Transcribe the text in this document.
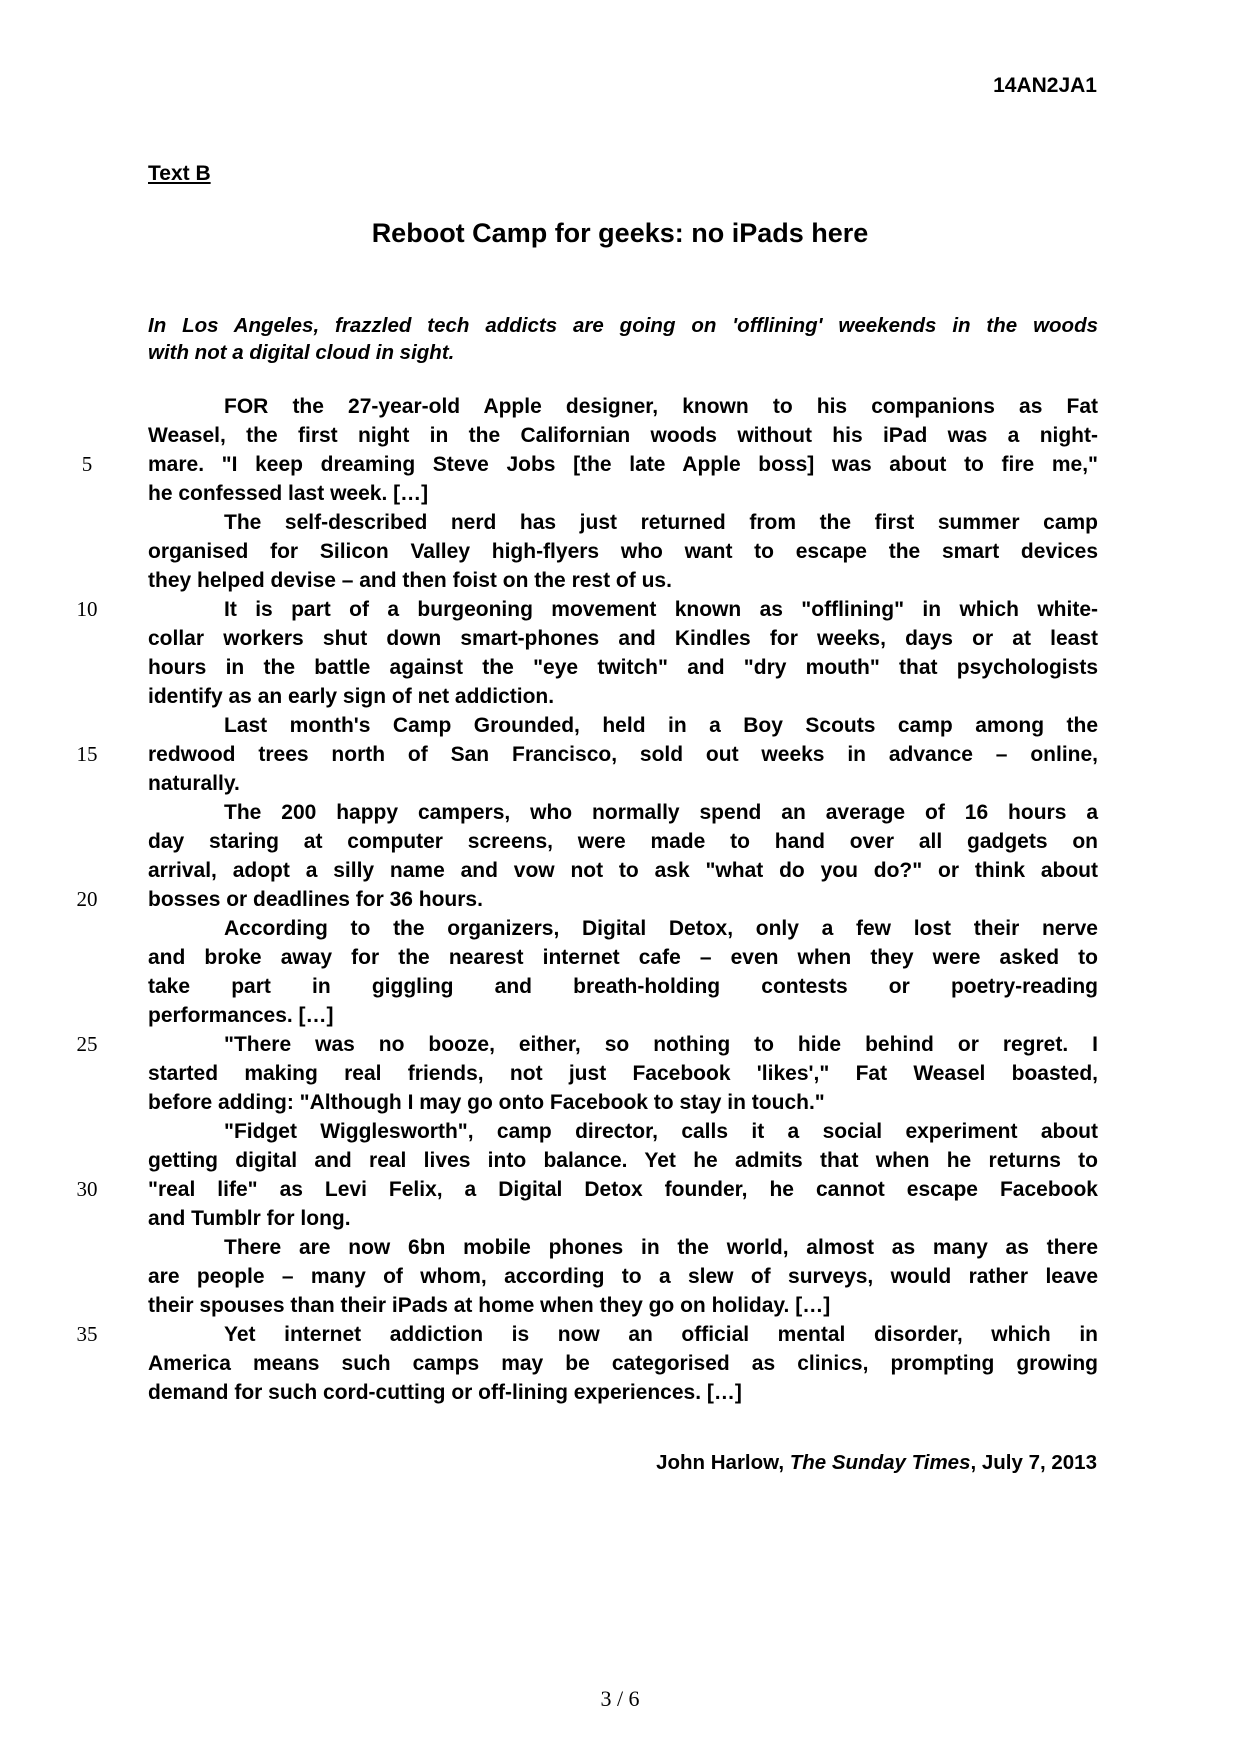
14AN2JA1
Text B
Reboot Camp for geeks: no iPads here
In Los Angeles, frazzled tech addicts are going on 'offlining' weekends in the woods
with not a digital cloud in sight.
FOR the 27-year-old Apple designer, known to his companions as Fat
Weasel, the first night in the Californian woods without his iPad was a night-
mare. "I keep dreaming Steve Jobs [the late Apple boss] was about to fire me,"
he confessed last week. […]
The self-described nerd has just returned from the first summer camp
organised for Silicon Valley high-flyers who want to escape the smart devices
they helped devise – and then foist on the rest of us.
It is part of a burgeoning movement known as "offlining" in which white-
collar workers shut down smart-phones and Kindles for weeks, days or at least
hours in the battle against the "eye twitch" and "dry mouth" that psychologists
identify as an early sign of net addiction.
Last month's Camp Grounded, held in a Boy Scouts camp among the
redwood trees north of San Francisco, sold out weeks in advance – online,
naturally.
The 200 happy campers, who normally spend an average of 16 hours a
day staring at computer screens, were made to hand over all gadgets on
arrival, adopt a silly name and vow not to ask "what do you do?" or think about
bosses or deadlines for 36 hours.
According to the organizers, Digital Detox, only a few lost their nerve
and broke away for the nearest internet cafe – even when they were asked to
take part in giggling and breath-holding contests or poetry-reading
performances. […]
"There was no booze, either, so nothing to hide behind or regret. I
started making real friends, not just Facebook 'likes'," Fat Weasel boasted,
before adding: "Although I may go onto Facebook to stay in touch."
"Fidget Wigglesworth", camp director, calls it a social experiment about
getting digital and real lives into balance. Yet he admits that when he returns to
"real life" as Levi Felix, a Digital Detox founder, he cannot escape Facebook
and Tumblr for long.
There are now 6bn mobile phones in the world, almost as many as there
are people – many of whom, according to a slew of surveys, would rather leave
their spouses than their iPads at home when they go on holiday. […]
Yet internet addiction is now an official mental disorder, which in
America means such camps may be categorised as clinics, prompting growing
demand for such cord-cutting or off-lining experiences. […]
5
10
15
20
25
30
35
John Harlow, The Sunday Times, July 7, 2013
3 / 6
